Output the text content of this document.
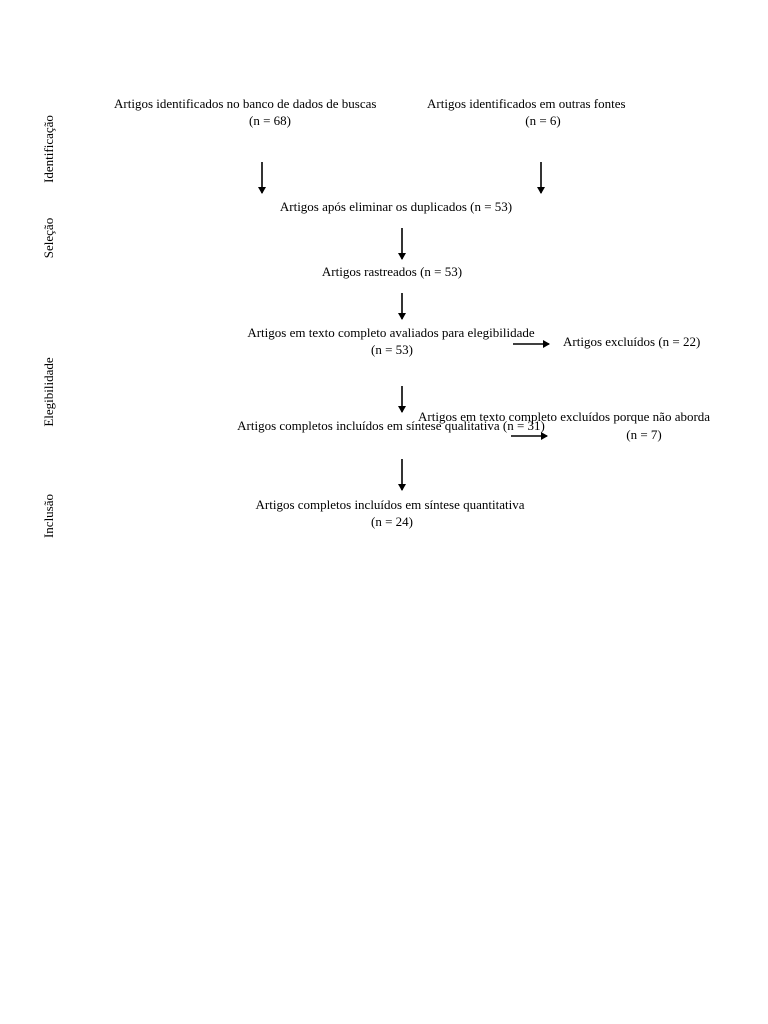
Identificação
Seleção
Elegibilidade
Inclusão
Artigos identificados no banco de dados de buscas
(n = 68)
Artigos identificados em outras fontes
(n = 6)
Artigos após eliminar os duplicados (n = 53)
Artigos rastreados (n = 53)
Artigos em texto completo avaliados para elegibilidade
(n = 53)
Artigos excluídos (n = 22)
Artigos em texto completo excluídos porque não aborda
(n = 7)
Artigos completos incluídos em síntese qualitativa (n = 31)
Artigos completos incluídos em síntese quantitativa
(n = 24)
